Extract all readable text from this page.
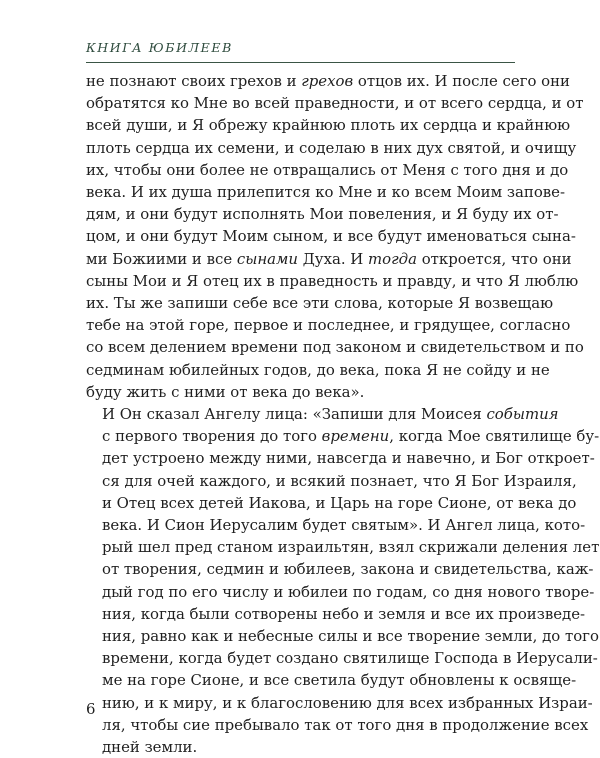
КНИГА ЮБИЛЕЕВ

не познают своих грехов и грехов отцов их. И после сего они
обратятся ко Мне во всей праведности, и от всего сердца, и от
всей души, и Я обрежу крайнюю плоть их сердца и крайнюю
плоть сердца их семени, и соделаю в них дух святой, и очищу
их, чтобы они более не отвращались от Меня с того дня и до
века. И их душа прилепится ко Мне и ко всем Моим запове-
дям, и они будут исполнять Мои повеления, и Я буду их от-
цом, и они будут Моим сыном, и все будут именоваться сына-
ми Божиими и все сынами Духа. И тогда откроется, что они
сыны Мои и Я отец их в праведность и правду, и что Я люблю
их. Ты же запиши себе все эти слова, которые Я возвещаю
тебе на этой горе, первое и последнее, и грядущее, согласно
со всем делением времени под законом и свидетельством и по
седминам юбилейных годов, до века, пока Я не сойду и не
буду жить с ними от века до века».

И Он сказал Ангелу лица: «Запиши для Моисея события
с первого творения до того времени, когда Мое святилище бу-
дет устроено между ними, навсегда и навечно, и Бог откроет-
ся для очей каждого, и всякий познает, что Я Бог Израиля,
и Отец всех детей Иакова, и Царь на горе Сионе, от века до
века. И Сион Иерусалим будет святым». И Ангел лица, кото-
рый шел пред станом израильтян, взял скрижали деления лет
от творения, седмин и юбилеев, закона и свидетельства, каж-
дый год по его числу и юбилеи по годам, со дня нового творе-
ния, когда были сотворены небо и земля и все их произведе-
ния, равно как и небесные силы и все творение земли, до того
времени, когда будет создано святилище Господа в Иерусали-
ме на горе Сионе, и все светила будут обновлены к освяще-
нию, и к миру, и к благословению для всех избранных Израи-
ля, чтобы сие пребывало так от того дня в продолжение всех
дней земли.

6
